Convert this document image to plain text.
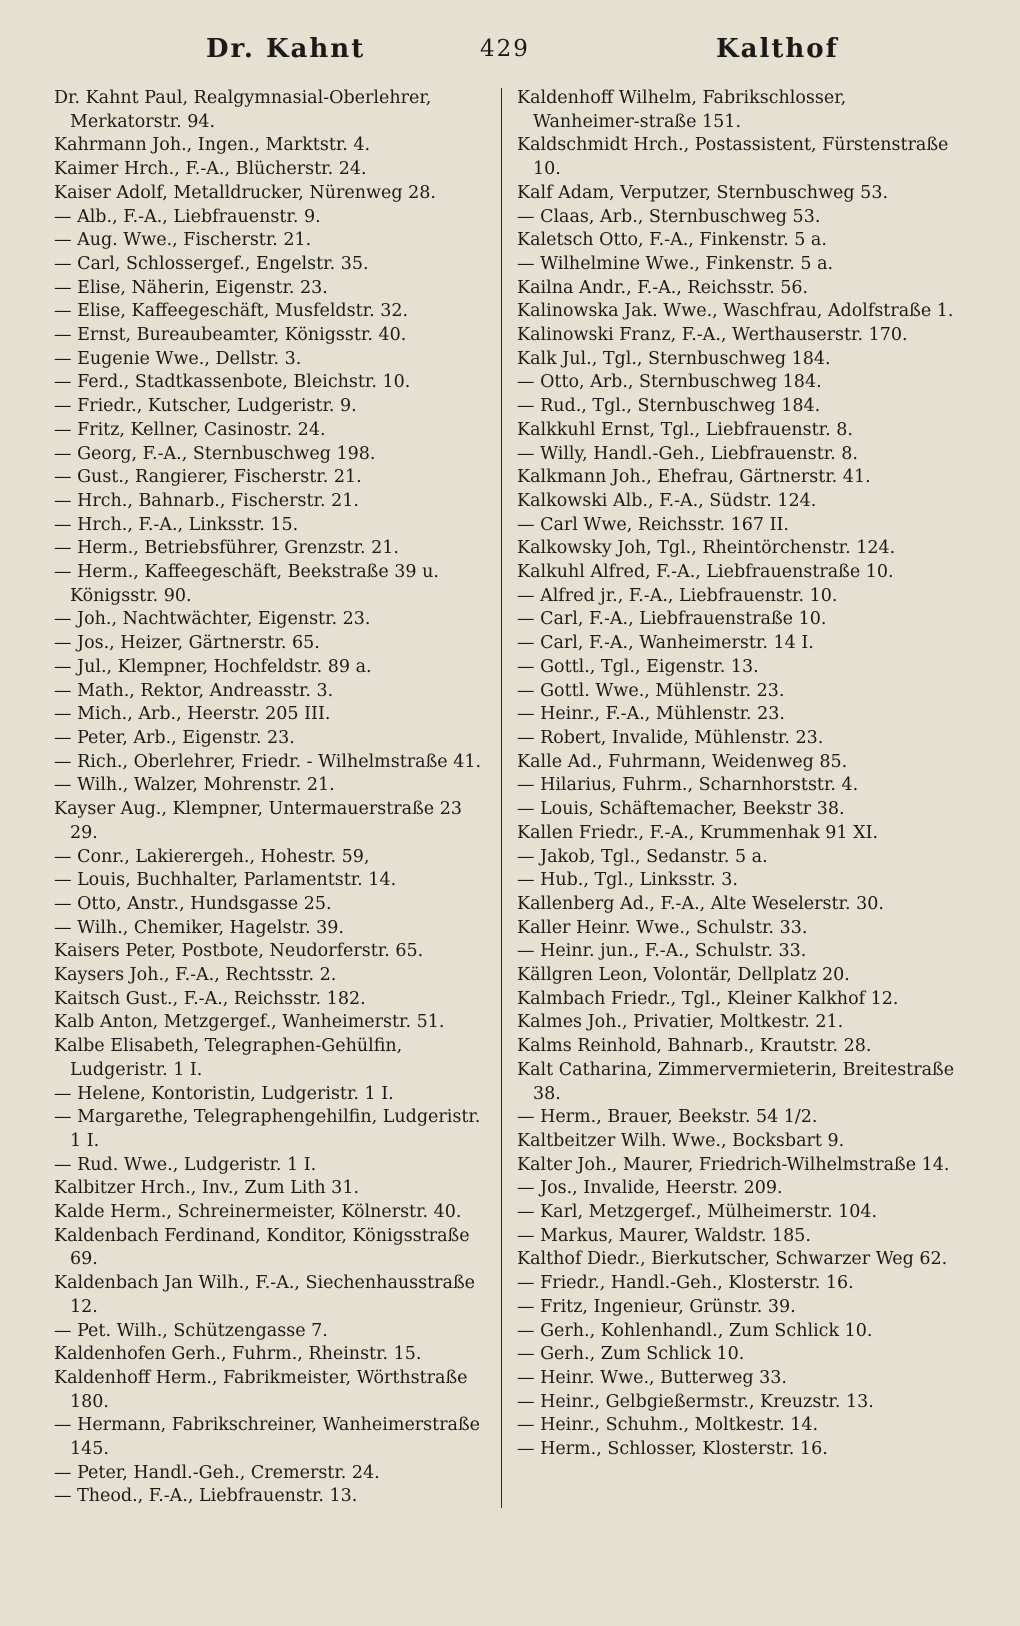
Dr. Kahnt	429	Kalthof
Dr. Kahnt Paul, Realgymnasial-Oberlehrer, Merkatorstr. 94.
Kahrmann Joh., Ingen., Marktstr. 4.
Kaimer Hrch., F.-A., Blücherstr. 24.
Kaiser Adolf, Metalldrucker, Nürenweg 28.
— Alb., F.-A., Liebfrauenstr. 9.
— Aug. Wwe., Fischerstr. 21.
— Carl, Schlossergef., Engelstr. 35.
— Elise, Näherin, Eigenstr. 23.
— Elise, Kaffeegeschäft, Musfeldstr. 32.
— Ernst, Bureaubeamter, Königsstr. 40.
— Eugenie Wwe., Dellstr. 3.
— Ferd., Stadtkassenbote, Bleichstr. 10.
— Friedr., Kutscher, Ludgeristr. 9.
— Fritz, Kellner, Casinostr. 24.
— Georg, F.-A., Sternbuschweg 198.
— Gust., Rangierer, Fischerstr. 21.
— Hrch., Bahnarb., Fischerstr. 21.
— Hrch., F.-A., Linksstr. 15.
— Herm., Betriebsführer, Grenzstr. 21.
— Herm., Kaffeegeschäft, Beekstraße 39 u. Königsstr. 90.
— Joh., Nachtwächter, Eigenstr. 23.
— Jos., Heizer, Gärtnerstr. 65.
— Jul., Klempner, Hochfeldstr. 89 a.
— Math., Rektor, Andreasstr. 3.
— Mich., Arb., Heerstr. 205 III.
— Peter, Arb., Eigenstr. 23.
— Rich., Oberlehrer, Friedr. - Wilhelmstraße 41.
— Wilh., Walzer, Mohrenstr. 21.
Kayser Aug., Klempner, Untermauerstraße 23 29.
— Conr., Lakierergeh., Hohestr. 59,
— Louis, Buchhalter, Parlamentstr. 14.
— Otto, Anstr., Hundsgasse 25.
— Wilh., Chemiker, Hagelstr. 39.
Kaisers Peter, Postbote, Neudorferstr. 65.
Kaysers Joh., F.-A., Rechtsstr. 2.
Kaitsch Gust., F.-A., Reichsstr. 182.
Kalb Anton, Metzgergef., Wanheimerstr. 51.
Kalbe Elisabeth, Telegraphen-Gehülfin, Ludgeristr. 1 I.
— Helene, Kontoristin, Ludgeristr. 1 I.
— Margarethe, Telegraphengehilfin, Ludgeristr. 1 I.
— Rud. Wwe., Ludgeristr. 1 I.
Kalbitzer Hrch., Inv., Zum Lith 31.
Kalde Herm., Schreinermeister, Kölnerstr. 40.
Kaldenbach Ferdinand, Konditor, Königsstraße 69.
Kaldenbach Jan Wilh., F.-A., Siechenhausstraße 12.
— Pet. Wilh., Schützengasse 7.
Kaldenhofen Gerh., Fuhrm., Rheinstr. 15.
Kaldenhoff Herm., Fabrikmeister, Wörthstraße 180.
— Hermann, Fabrikschreiner, Wanheimerstraße 145.
— Peter, Handl.-Geh., Cremerstr. 24.
— Theod., F.-A., Liebfrauenstr. 13.
Kaldenhoff Wilhelm, Fabrikschlosser, Wanheimer-straße 151.
Kaldschmidt Hrch., Postassistent, Fürstenstraße 10.
Kalf Adam, Verputzer, Sternbuschweg 53.
— Claas, Arb., Sternbuschweg 53.
Kaletsch Otto, F.-A., Finkenstr. 5 a.
— Wilhelmine Wwe., Finkenstr. 5 a.
Kailna Andr., F.-A., Reichsstr. 56.
Kalinowska Jak. Wwe., Waschfrau, Adolfstraße 1.
Kalinowski Franz, F.-A., Werthauserstr. 170.
Kalk Jul., Tgl., Sternbuschweg 184.
— Otto, Arb., Sternbuschweg 184.
— Rud., Tgl., Sternbuschweg 184.
Kalkkuhl Ernst, Tgl., Liebfrauenstr. 8.
— Willy, Handl.-Geh., Liebfrauenstr. 8.
Kalkmann Joh., Ehefrau, Gärtnerstr. 41.
Kalkowski Alb., F.-A., Südstr. 124.
— Carl Wwe, Reichsstr. 167 II.
Kalkowsky Joh, Tgl., Rheintörchenstr. 124.
Kalkuhl Alfred, F.-A., Liebfrauenstraße 10.
— Alfred jr., F.-A., Liebfrauenstr. 10.
— Carl, F.-A., Liebfrauenstraße 10.
— Carl, F.-A., Wanheimerstr. 14 I.
— Gottl., Tgl., Eigenstr. 13.
— Gottl. Wwe., Mühlenstr. 23.
— Heinr., F.-A., Mühlenstr. 23.
— Robert, Invalide, Mühlenstr. 23.
Kalle Ad., Fuhrmann, Weidenweg 85.
— Hilarius, Fuhrm., Scharnhorststr. 4.
— Louis, Schäftemacher, Beekstr 38.
Kallen Friedr., F.-A., Krummenhak 91 XI.
— Jakob, Tgl., Sedanstr. 5 a.
— Hub., Tgl., Linksstr. 3.
Kallenberg Ad., F.-A., Alte Weselerstr. 30.
Kaller Heinr. Wwe., Schulstr. 33.
— Heinr. jun., F.-A., Schulstr. 33.
Källgren Leon, Volontär, Dellplatz 20.
Kalmbach Friedr., Tgl., Kleiner Kalkhof 12.
Kalmes Joh., Privatier, Moltkestr. 21.
Kalms Reinhold, Bahnarb., Krautstr. 28.
Kalt Catharina, Zimmervermieterin, Breitestraße 38.
— Herm., Brauer, Beekstr. 54 1/2.
Kaltbeitzer Wilh. Wwe., Bocksbart 9.
Kalter Joh., Maurer, Friedrich-Wilhelmstraße 14.
— Jos., Invalide, Heerstr. 209.
— Karl, Metzgergef., Mülheimerstr. 104.
— Markus, Maurer, Waldstr. 185.
Kalthof Diedr., Bierkutscher, Schwarzer Weg 62.
— Friedr., Handl.-Geh., Klosterstr. 16.
— Fritz, Ingenieur, Grünstr. 39.
— Gerh., Kohlenhandl., Zum Schlick 10.
— Gerh., Zum Schlick 10.
— Heinr. Wwe., Butterweg 33.
— Heinr., Gelbgießermstr., Kreuzstr. 13.
— Heinr., Schuhm., Moltkestr. 14.
— Herm., Schlosser, Klosterstr. 16.
